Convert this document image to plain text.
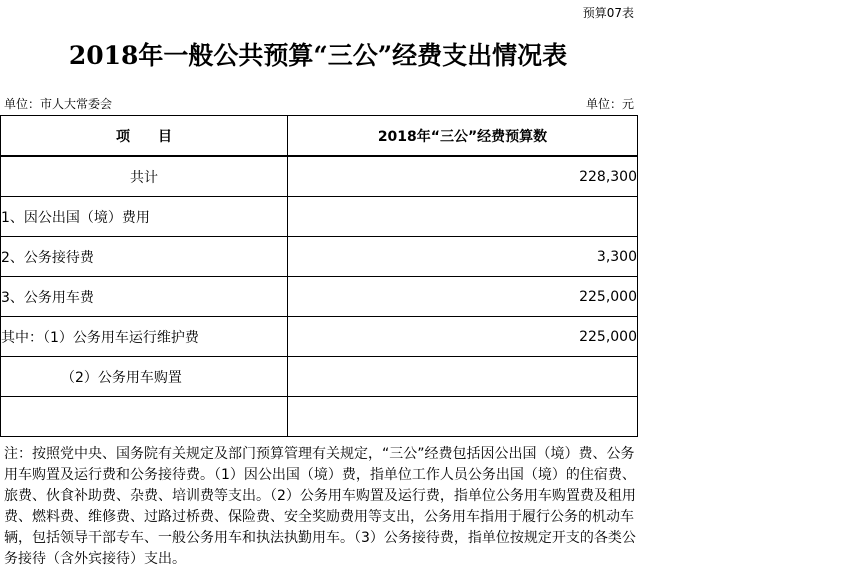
预算07表
2018年一般公共预算“三公”经费支出情况表
单位：市人大常委会	单位：元
项　　目	2018年“三公”经费预算数
共计	228,300
1、因公出国（境）费用	
2、公务接待费	3,300
3、公务用车费	225,000
其中：（1）公务用车运行维护费	225,000
（2）公务用车购置	

注：按照党中央、国务院有关规定及部门预算管理有关规定，“三公”经费包括因公出国（境）费、公务用车购置及运行费和公务接待费。（1）因公出国（境）费，指单位工作人员公务出国（境）的住宿费、旅费、伙食补助费、杂费、培训费等支出。（2）公务用车购置及运行费，指单位公务用车购置费及租用费、燃料费、维修费、过路过桥费、保险费、安全奖励费用等支出，公务用车指用于履行公务的机动车辆，包括领导干部专车、一般公务用车和执法执勤用车。（3）公务接待费，指单位按规定开支的各类公务接待（含外宾接待）支出。
